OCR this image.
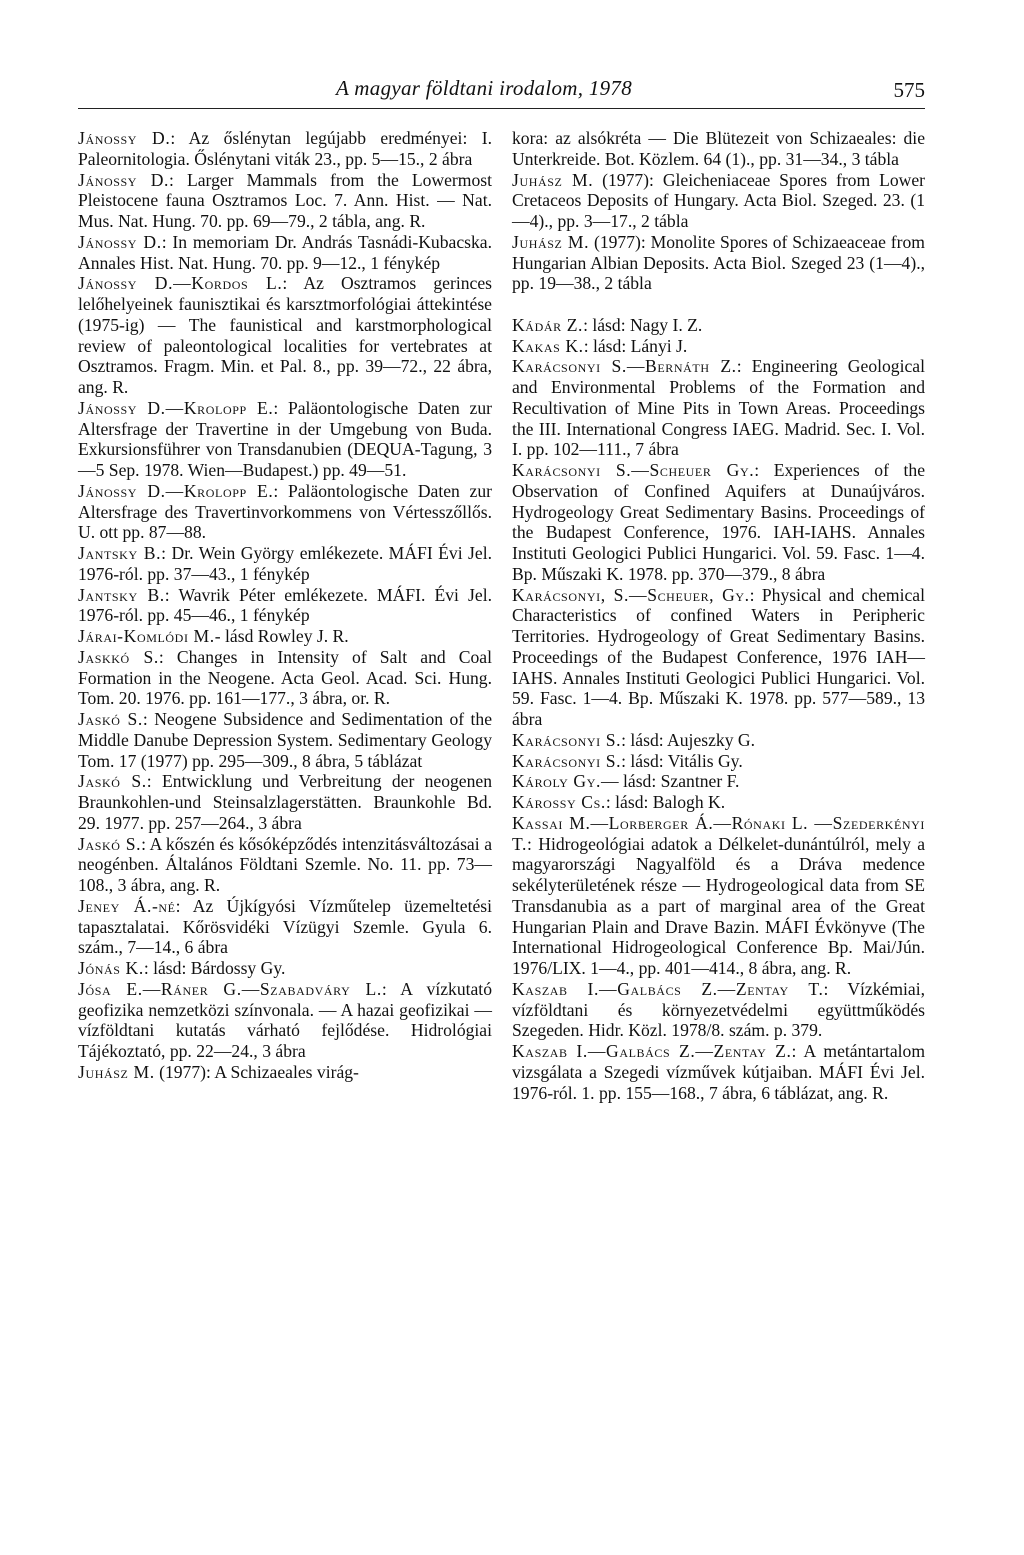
A magyar földtani irodalom, 1978	575

Jánossy D.: Az őslénytan legújabb eredményei: I. Paleornitologia. Őslénytani viták 23., pp. 5—15., 2 ábra

Jánossy D.: Larger Mammals from the Lowermost Pleistocene fauna Osztramos Loc. 7. Ann. Hist. — Nat. Mus. Nat. Hung. 70. pp. 69—79., 2 tábla, ang. R.

Jánossy D.: In memoriam Dr. András Tasnádi-Kubacska. Annales Hist. Nat. Hung. 70. pp. 9—12., 1 fénykép

Jánossy D.—Kordos L.: Az Osztramos gerinces lelőhelyeinek faunisztikai és karsztmorfológiai áttekintése (1975-ig) — The faunistical and karstmorphological review of paleontological localities for vertebrates at Osztramos. Fragm. Min. et Pal. 8., pp. 39—72., 22 ábra, ang. R.

Jánossy D.—Krolopp E.: Paläontologische Daten zur Altersfrage der Travertine in der Umgebung von Buda. Exkursionsführer von Transdanubien (DEQUA-Tagung, 3—5 Sep. 1978. Wien—Budapest.) pp. 49—51.

Jánossy D.—Krolopp E.: Paläontologische Daten zur Altersfrage des Travertinvorkommens von Vértesszőllős. U. ott pp. 87—88.

Jantsky B.: Dr. Wein György emlékezete. MÁFI Évi Jel. 1976-ról. pp. 37—43., 1 fénykép

Jantsky B.: Wavrik Péter emlékezete. MÁFI. Évi Jel. 1976-ról. pp. 45—46., 1 fénykép

Járai-Komlódi M.- lásd Rowley J. R.

Jaskkó S.: Changes in Intensity of Salt and Coal Formation in the Neogene. Acta Geol. Acad. Sci. Hung. Tom. 20. 1976. pp. 161—177., 3 ábra, or. R.

Jaskó S.: Neogene Subsidence and Sedimentation of the Middle Danube Depression System. Sedimentary Geology Tom. 17 (1977) pp. 295—309., 8 ábra, 5 táblázat

Jaskó S.: Entwicklung und Verbreitung der neogenen Braunkohlen-und Steinsalzlagerstätten. Braunkohle Bd. 29. 1977. pp. 257—264., 3 ábra

Jaskó S.: A kőszén és kősóképződés intenzitásváltozásai a neogénben. Általános Földtani Szemle. No. 11. pp. 73—108., 3 ábra, ang. R.

Jeney Á.-né: Az Újkígyósi Vízműtelep üzemeltetési tapasztalatai. Kőrösvidéki Vízügyi Szemle. Gyula 6. szám., 7—14., 6 ábra

Jónás K.: lásd: Bárdossy Gy.

Jósa E.—Ráner G.—Szabadváry L.: A vízkutató geofizika nemzetközi színvonala. — A hazai geofizikai — vízföldtani kutatás várható fejlődése. Hidrológiai Tájékoztató, pp. 22—24., 3 ábra

Juhász M. (1977): A Schizaeales virág-

kora: az alsókréta — Die Blütezeit von Schizaeales: die Unterkreide. Bot. Közlem. 64 (1)., pp. 31—34., 3 tábla

Juhász M. (1977): Gleicheniaceae Spores from Lower Cretaceos Deposits of Hungary. Acta Biol. Szeged. 23. (1—4)., pp. 3—17., 2 tábla

Juhász M. (1977): Monolite Spores of Schizaeaceae from Hungarian Albian Deposits. Acta Biol. Szeged 23 (1—4)., pp. 19—38., 2 tábla

Kádár Z.: lásd: Nagy I. Z.

Kakas K.: lásd: Lányi J.

Karácsonyi S.—Bernáth Z.: Engineering Geological and Environmental Problems of the Formation and Recultivation of Mine Pits in Town Areas. Proceedings the III. International Congress IAEG. Madrid. Sec. I. Vol. I. pp. 102—111., 7 ábra

Karácsonyi S.—Scheuer Gy.: Experiences of the Observation of Confined Aquifers at Dunaújváros. Hydrogeology Great Sedimentary Basins. Proceedings of the Budapest Conference, 1976. IAH-IAHS. Annales Instituti Geologici Publici Hungarici. Vol. 59. Fasc. 1—4. Bp. Műszaki K. 1978. pp. 370—379., 8 ábra

Karácsonyi, S.—Scheuer, Gy.: Physical and chemical Characteristics of confined Waters in Peripheric Territories. Hydrogeology of Great Sedimentary Basins. Proceedings of the Budapest Conference, 1976 IAH—IAHS. Annales Instituti Geologici Publici Hungarici. Vol. 59. Fasc. 1—4. Bp. Műszaki K. 1978. pp. 577—589., 13 ábra

Karácsonyi S.: lásd: Aujeszky G.

Karácsonyi S.: lásd: Vitális Gy.

Károly Gy.— lásd: Szantner F.

Károssy Cs.: lásd: Balogh K.

Kassai M.—Lorberger Á.—Rónaki L. —Szederkényi T.: Hidrogeológiai adatok a Délkelet-dunántúlról, mely a magyarországi Nagyalföld és a Dráva medence sekélyterületének része — Hydrogeological data from SE Transdanubia as a part of marginal area of the Great Hungarian Plain and Drave Bazin. MÁFI Évkönyve (The International Hidrogeological Conference Bp. Mai/Jún. 1976/LIX. 1—4., pp. 401—414., 8 ábra, ang. R.

Kaszab I.—Galbács Z.—Zentay T.: Vízkémiai, vízföldtani és környezetvédelmi együttműködés Szegeden. Hidr. Közl. 1978/8. szám. p. 379.

Kaszab I.—Galbács Z.—Zentay Z.: A metántartalom vizsgálata a Szegedi vízművek kútjaiban. MÁFI Évi Jel. 1976-ról. 1. pp. 155—168., 7 ábra, 6 táblázat, ang. R.
